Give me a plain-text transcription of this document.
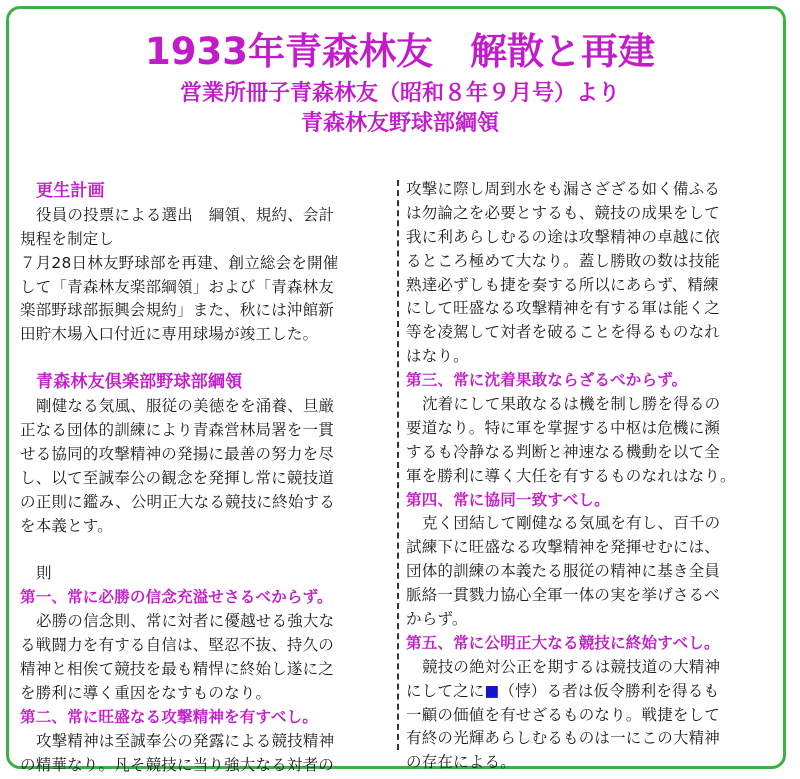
1933年青森林友　解散と再建
営業所冊子青森林友（昭和８年９月号）より
青森林友野球部綱領
更生計画
役員の投票による選出　綱領、規約、会計
規程を制定し
７月28日林友野球部を再建、創立総会を開催
して「青森林友楽部綱領」および「青森林友
楽部野球部振興会規約」また、秋には沖館新
田貯木場入口付近に専用球場が竣工した。
青森林友倶楽部野球部綱領
剛健なる気風、服従の美徳をを涌養、旦厳
正なる団体的訓練により青森営林局署を一貫
せる協同的攻撃精神の発揚に最善の努力を尽
し、以て至誠奉公の観念を発揮し常に競技道
の正則に鑑み、公明正大なる競技に終始する
を本義とす。
則
第一、常に必勝の信念充溢せさるべからず。
必勝の信念則、常に対者に優越せる強大な
る戦闘力を有する自信は、堅忍不抜、持久の
精神と相俟て競技を最も精悍に終始し遂に之
を勝利に導く重因をなすものなり。
第二、常に旺盛なる攻撃精神を有すべし。
攻撃精神は至誠奉公の発露による競技精神
の精華なり。凡そ競技に当り強大なる対者の
攻撃に際し周到水をも漏さざざる如く備ふる
は勿論之を必要とするも、競技の成果をして
我に利あらしむるの途は攻撃精神の卓越に依
るところ極めて大なり。蓋し勝敗の数は技能
熟達必ずしも捷を奏する所以にあらず、精練
にして旺盛なる攻撃精神を有する軍は能く之
等を凌駕して対者を破ることを得るものなれ
はなり。
第三、常に沈着果敢ならざるべからず。
沈着にして果敢なるは機を制し勝を得るの
要道なり。特に軍を掌握する中枢は危機に瀕
するも冷静なる判断と神速なる機動を以て全
軍を勝利に導く大任を有するものなれはなり。
第四、常に協同一致すべし。
克く団結して剛健なる気風を有し、百千の
試練下に旺盛なる攻撃精神を発揮せむには、
団体的訓練の本義たる服従の精神に基き全員
脈絡一貫戮力協心全軍一体の実を挙げさるべ
からず。
第五、常に公明正大なる競技に終始すべし。
競技の絶対公正を期するは競技道の大精神
にして之に■（悖）る者は仮令勝利を得るも
一顧の価値を有せざるものなり。戦捷をして
有終の光輝あらしむるものは一にこの大精神
の存在による。
